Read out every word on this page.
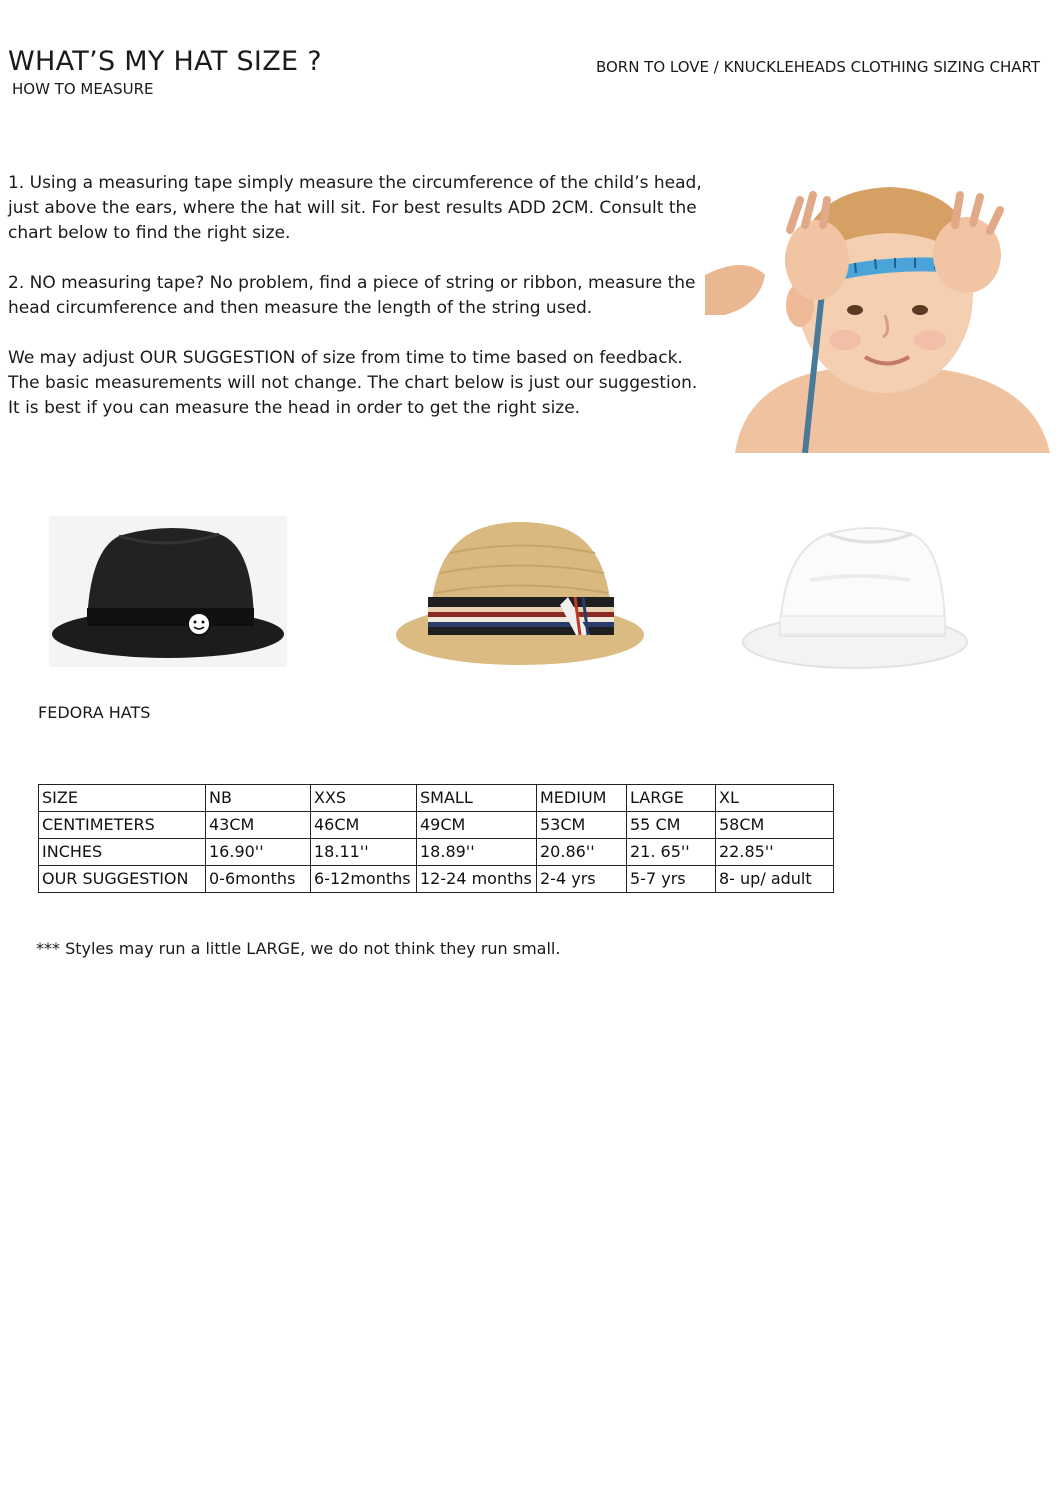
WHAT’S MY HAT SIZE ?
HOW TO MEASURE
BORN TO LOVE / KNUCKLEHEADS CLOTHING SIZING CHART

1. Using a measuring tape simply measure the circumference of the child’s head,

just above the ears, where the hat will sit. For best results ADD 2CM. Consult the

chart below to find the right size.

2. NO measuring tape? No problem, find a piece of string or ribbon, measure the

head circumference and then measure the length of the string used.

We may adjust OUR SUGGESTION of size from time to time based on feedback.

The basic measurements will not change. The chart below is just our suggestion.

It is best if you can measure the head in order to get the right size.

FEDORA HATS
SIZE	NB	XXS	SMALL	MEDIUM	LARGE	XL
CENTIMETERS	43CM	46CM	49CM	53CM	55 CM	58CM
INCHES	16.90''	18.11''	18.89''	20.86''	21. 65''	22.85''
OUR SUGGESTION	0-6months	6-12months	12-24 months	2-4 yrs	5-7 yrs	8- up/ adult
*** Styles may run a little LARGE, we do not think they run small.
